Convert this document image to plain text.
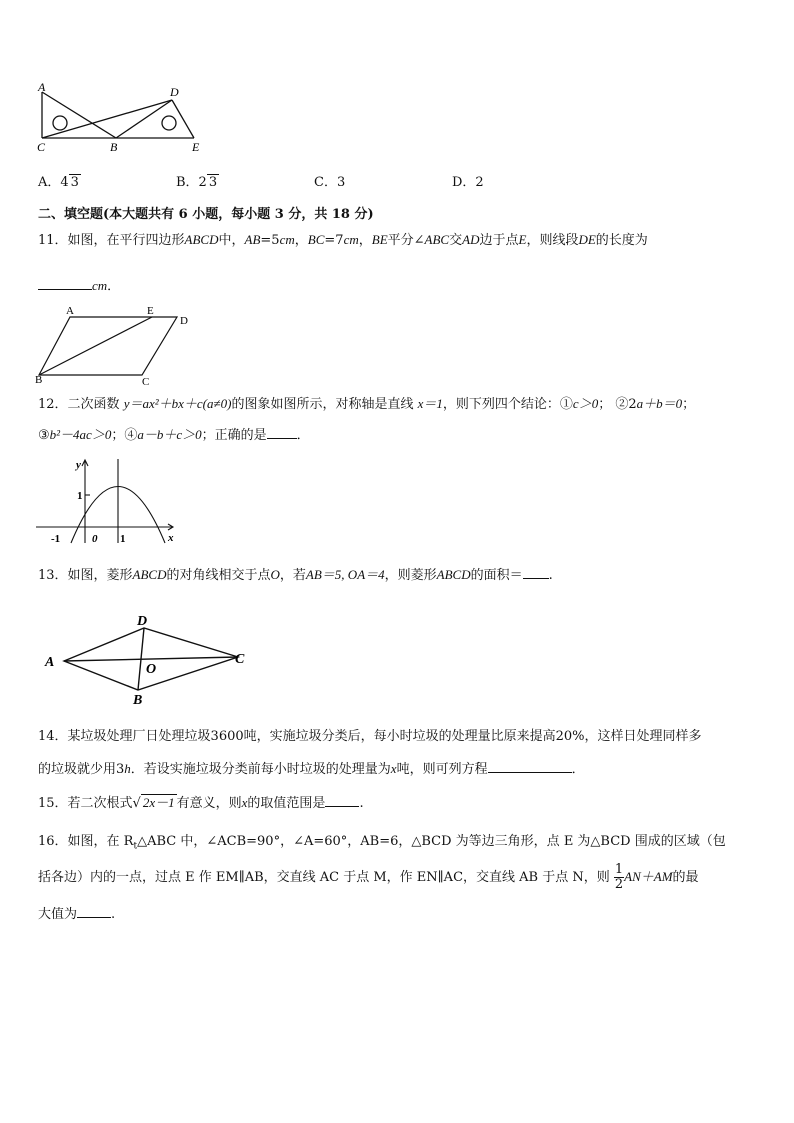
A	D
C	B	E
A．4 3	B．2 3	C．3	D．2
二、填空题(本大题共有 6 小题，每小题 3 分，共 18 分)
11．如图，在平行四边形ABCD中，AB=5cm，BC=7cm，BE平分∠ABC交AD边于点E，则线段DE的长度为
cm．
A	E
D
B	C
12．二次函数 y＝ax²＋bx＋c(a≠0)的图象如图所示，对称轴是直线 x＝1，则下列四个结论：①c＞0； ②2a＋b＝0；
③b²－4ac＞0；④a－b＋c＞0；正确的是 ．
y
x
1
-1	0 1
13．如图，菱形ABCD的对角线相交于点O，若AB＝5, OA＝4，则菱形ABCD的面积＝ .
A
D
C
B
O
14．某垃圾处理厂日处理垃圾3600吨，实施垃圾分类后，每小时垃圾的处理量比原来提高20%，这样日处理同样多
的垃圾就少用3h．若设实施垃圾分类前每小时垃圾的处理量为x吨，则可列方程	．
15．若二次根式√ 2x－1 有意义，则x的取值范围是	.
16．如图，在 $R_t\triangle ABC$ 中，∠ACB=90°，∠A=60°，AB=6，△BCD 为等边三角形，点 E 为△BCD 围成的区域（包
括各边）内的一点，过点 E 作 EM∥AB，交直线 AC 于点 M，作 EN∥AC，交直线 AB 于点 N，则 $\frac{1}{2} AN+AM$的最
大值为	.
